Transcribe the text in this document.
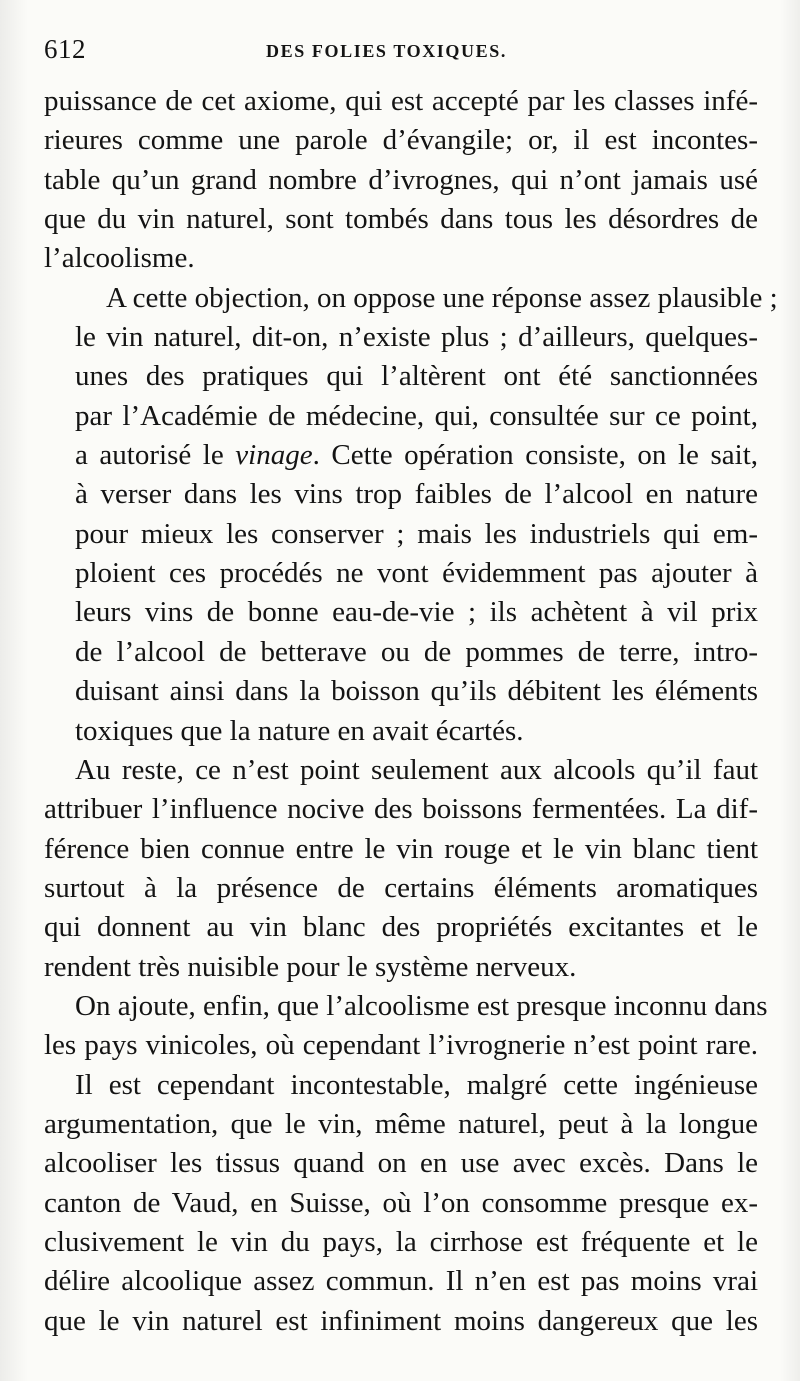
612	DES FOLIES TOXIQUES.

puissance de cet axiome, qui est accepté par les classes infé-
rieures comme une parole d’évangile; or, il est incontes-
table qu’un grand nombre d’ivrognes, qui n’ont jamais usé
que du vin naturel, sont tombés dans tous les désordres de
l’alcoolisme.

A cette objection, on oppose une réponse assez plausible ;
le vin naturel, dit-on, n’existe plus ; d’ailleurs, quelques-
unes des pratiques qui l’altèrent ont été sanctionnées
par l’Académie de médecine, qui, consultée sur ce point,
a autorisé le vinage. Cette opération consiste, on le sait,
à verser dans les vins trop faibles de l’alcool en nature
pour mieux les conserver ; mais les industriels qui em-
ploient ces procédés ne vont évidemment pas ajouter à
leurs vins de bonne eau-de-vie ; ils achètent à vil prix
de l’alcool de betterave ou de pommes de terre, intro-
duisant ainsi dans la boisson qu’ils débitent les éléments
toxiques que la nature en avait écartés.

Au reste, ce n’est point seulement aux alcools qu’il faut
attribuer l’influence nocive des boissons fermentées. La dif-
férence bien connue entre le vin rouge et le vin blanc tient
surtout à la présence de certains éléments aromatiques
qui donnent au vin blanc des propriétés excitantes et le
rendent très nuisible pour le système nerveux.

On ajoute, enfin, que l’alcoolisme est presque inconnu dans
les pays vinicoles, où cependant l’ivrognerie n’est point rare.

Il est cependant incontestable, malgré cette ingénieuse
argumentation, que le vin, même naturel, peut à la longue
alcooliser les tissus quand on en use avec excès. Dans le
canton de Vaud, en Suisse, où l’on consomme presque ex-
clusivement le vin du pays, la cirrhose est fréquente et le
délire alcoolique assez commun. Il n’en est pas moins vrai
que le vin naturel est infiniment moins dangereux que les
